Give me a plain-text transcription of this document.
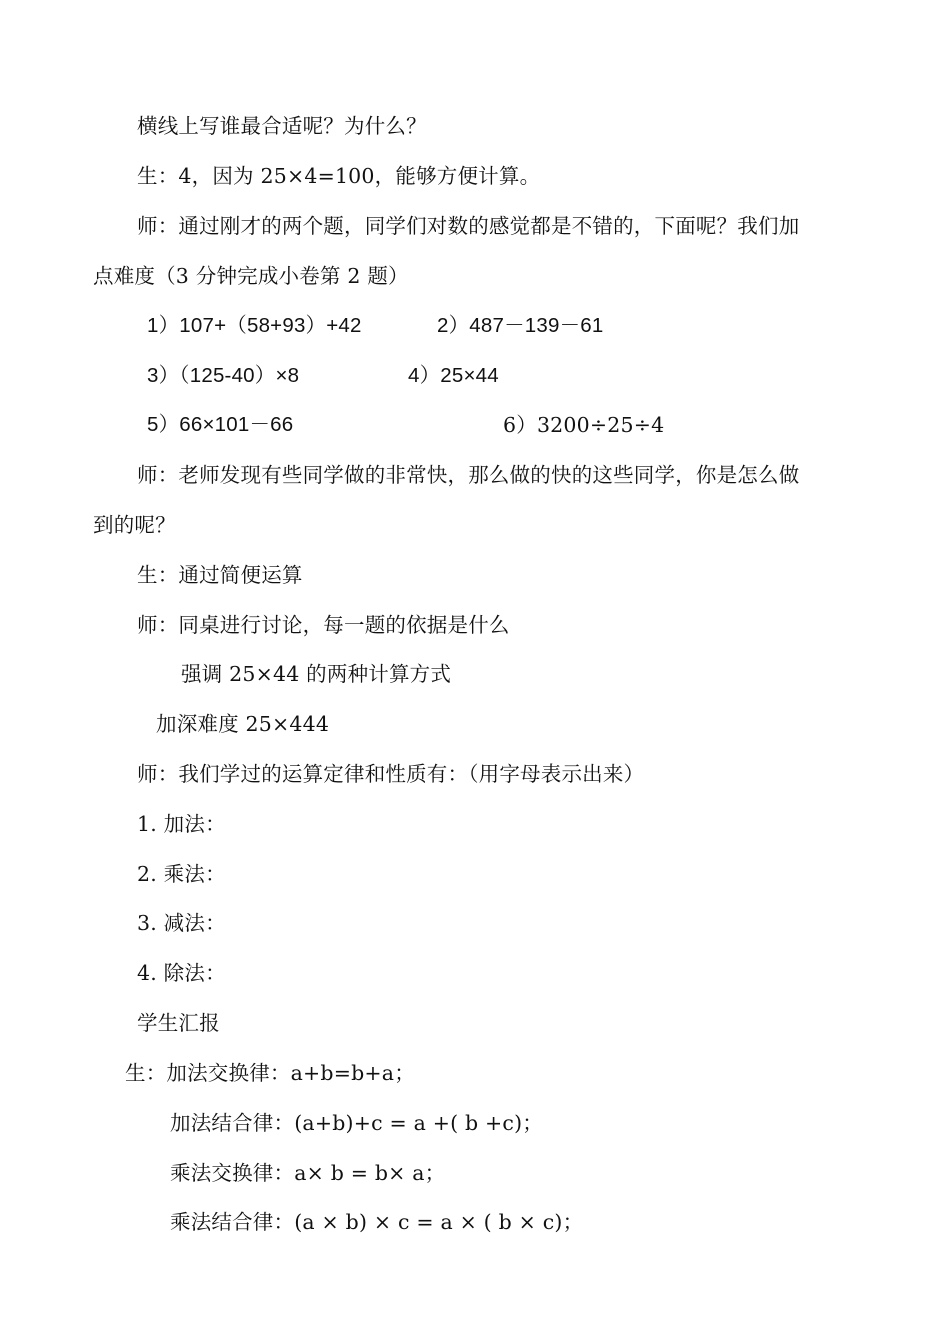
横线上写谁最合适呢？为什么？
生：4，因为 25×4=100，能够方便计算。
师：通过刚才的两个题，同学们对数的感觉都是不错的，下面呢？我们加
点难度（3 分钟完成小卷第 2 题）
1）107+（58+93）+42	2）487－139－61
3）（125-40）×8	4）25×44
5）66×101－66	6）3200÷25÷4
师：老师发现有些同学做的非常快，那么做的快的这些同学，你是怎么做
到的呢？
生：通过简便运算
师：同桌进行讨论，每一题的依据是什么
强调 25×44 的两种计算方式
加深难度 25×444
师：我们学过的运算定律和性质有：（用字母表示出来）
1. 加法：
2. 乘法：
3. 减法：
4. 除法：
学生汇报
生：加法交换律：a+b=b+a；
加法结合律：(a+b)+c = a +( b +c)；
乘法交换律：a× b = b× a；
乘法结合律：(a × b) × c = a × ( b × c)；
